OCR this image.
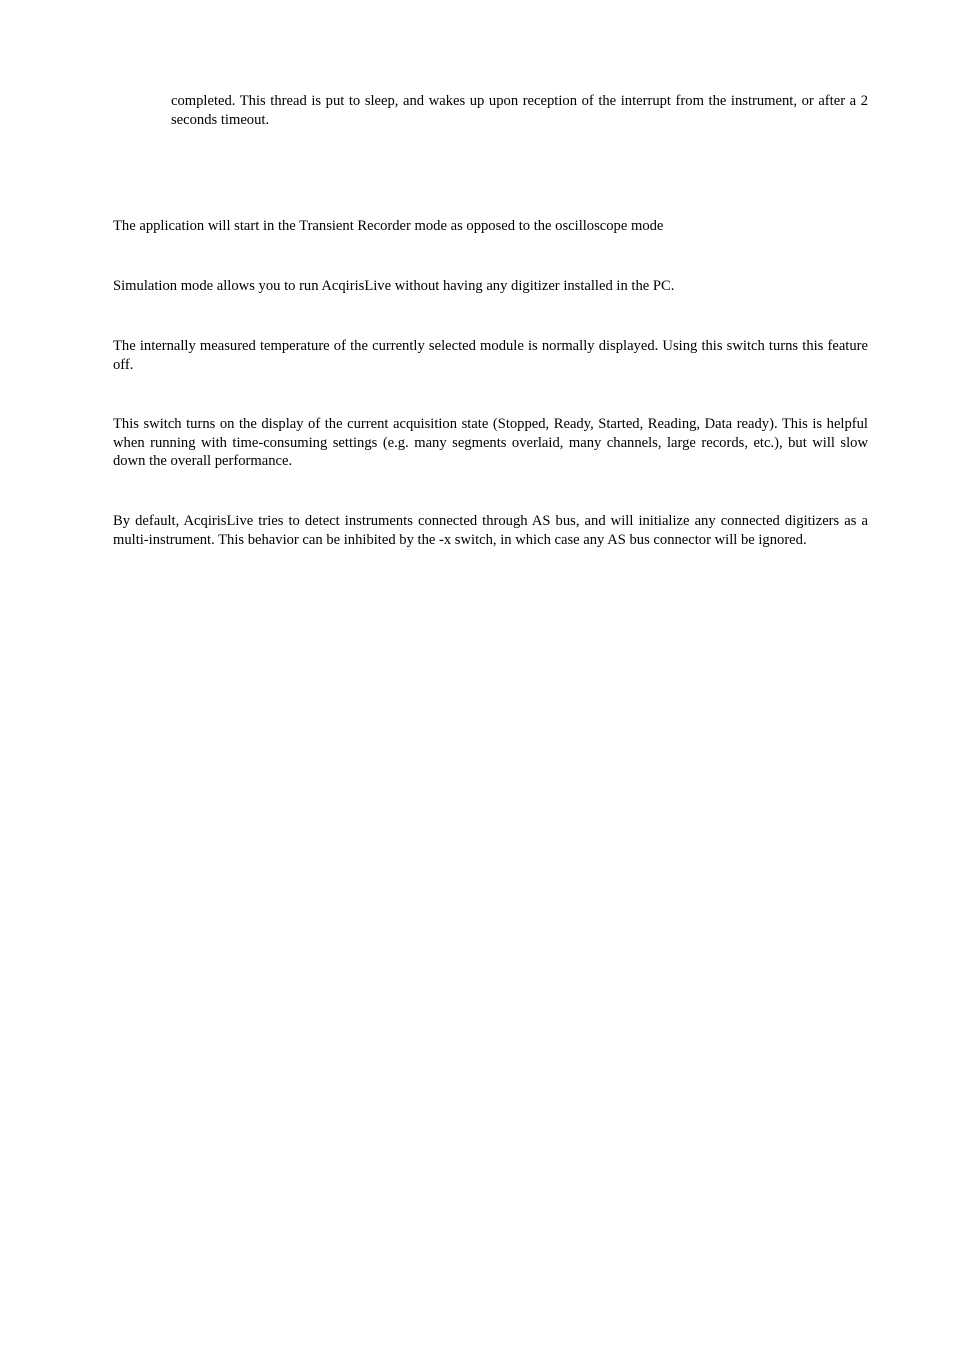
completed. This thread is put to sleep, and wakes up upon reception of the interrupt from the instrument, or after a 2 seconds timeout.

The application will start in the Transient Recorder mode as opposed to the oscilloscope mode

Simulation mode allows you to run AcqirisLive without having any digitizer installed in the PC.

The internally measured temperature of the currently selected module is normally displayed. Using this switch turns this feature off.

This switch turns on the display of the current acquisition state (Stopped, Ready, Started, Reading, Data ready). This is helpful when running with time-consuming settings (e.g. many segments overlaid, many channels, large records, etc.), but will slow down the overall performance.

By default, AcqirisLive tries to detect instruments connected through AS bus, and will initialize any connected digitizers as a multi-instrument. This behavior can be inhibited by the -x switch, in which case any AS bus connector will be ignored.
